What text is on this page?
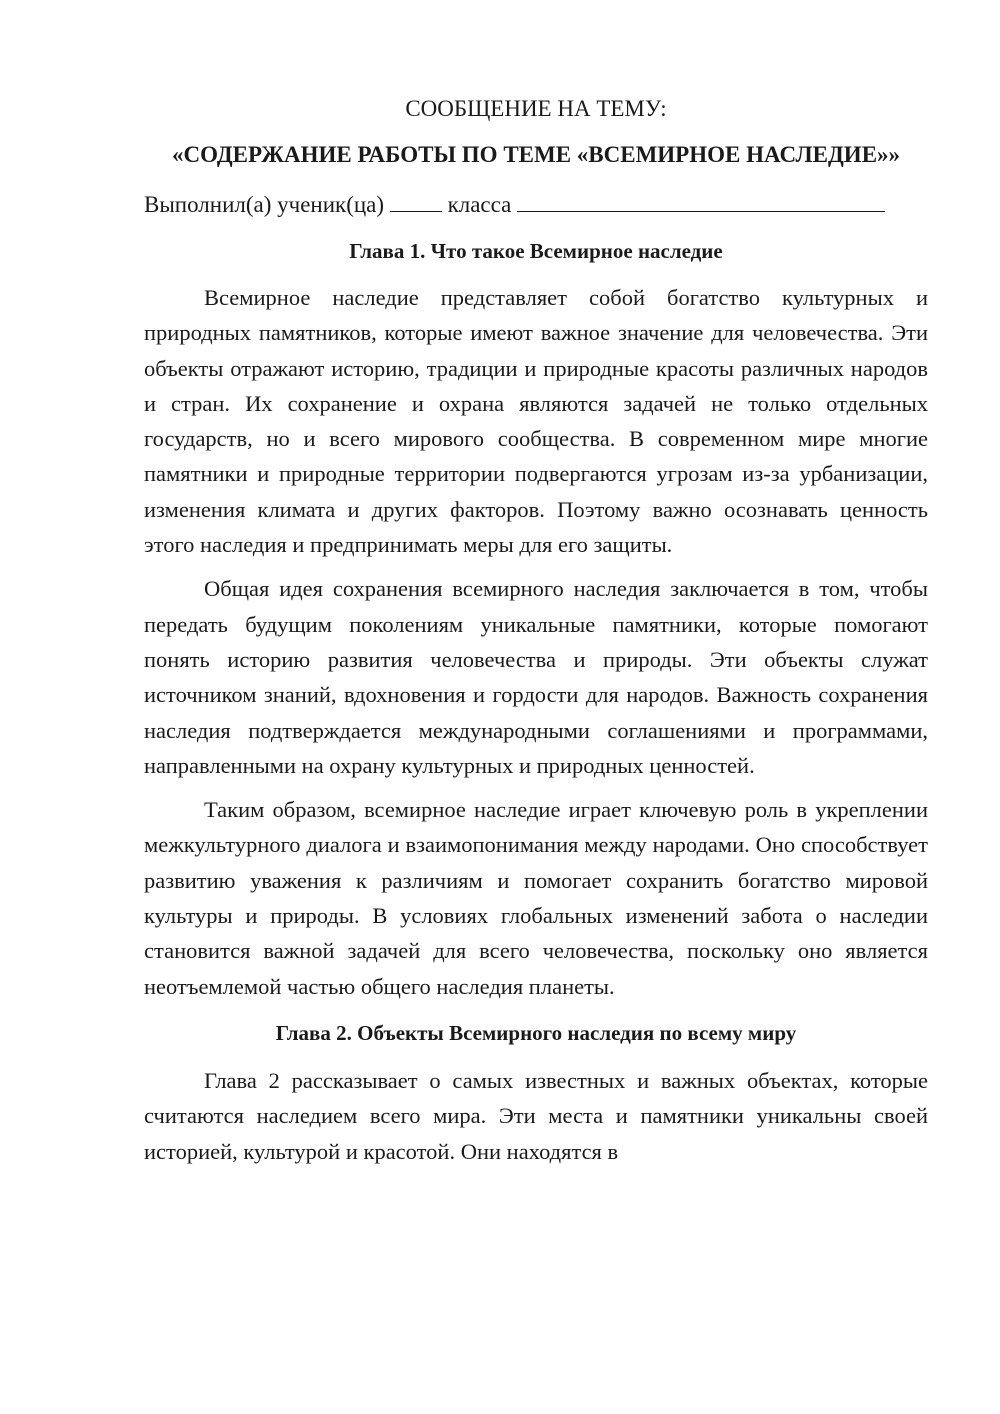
СООБЩЕНИЕ НА ТЕМУ:

«СОДЕРЖАНИЕ РАБОТЫ ПО ТЕМЕ «ВСЕМИРНОЕ НАСЛЕДИЕ»»

Выполнил(а) ученик(ца)	класса

Глава 1. Что такое Всемирное наследие

Всемирное наследие представляет собой богатство культурных и природных памятников, которые имеют важное значение для человечества. Эти объекты отражают историю, традиции и природные красоты различных народов и стран. Их сохранение и охрана являются задачей не только отдельных государств, но и всего мирового сообщества. В современном мире многие памятники и природные территории подвергаются угрозам из-за урбанизации, изменения климата и других факторов. Поэтому важно осознавать ценность этого наследия и предпринимать меры для его защиты.

Общая идея сохранения всемирного наследия заключается в том, чтобы передать будущим поколениям уникальные памятники, которые помогают понять историю развития человечества и природы. Эти объекты служат источником знаний, вдохновения и гордости для народов. Важность сохранения наследия подтверждается международными соглашениями и программами, направленными на охрану культурных и природных ценностей.

Таким образом, всемирное наследие играет ключевую роль в укреплении межкультурного диалога и взаимопонимания между народами. Оно способствует развитию уважения к различиям и помогает сохранить богатство мировой культуры и природы. В условиях глобальных изменений забота о наследии становится важной задачей для всего человечества, поскольку оно является неотъемлемой частью общего наследия планеты.

Глава 2. Объекты Всемирного наследия по всему миру

Глава 2 рассказывает о самых известных и важных объектах, которые считаются наследием всего мира. Эти места и памятники уникальны своей историей, культурой и красотой. Они находятся в
